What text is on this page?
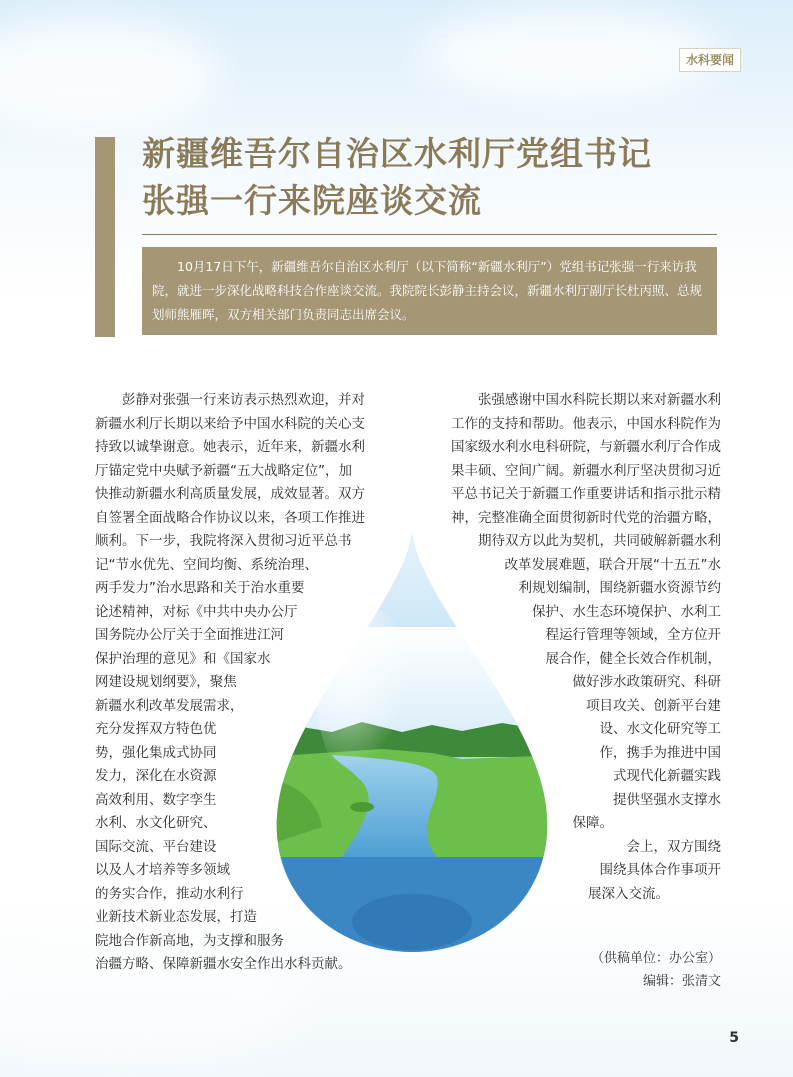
水科要闻
新疆维吾尔自治区水利厅党组书记
张强一行来院座谈交流

10月17日下午，新疆维吾尔自治区水利厅（以下简称“新疆水利厅”）党组书记张强一行来访我院，就进一步深化战略科技合作座谈交流。我院院长彭静主持会议，新疆水利厅副厅长杜丙照、总规划师熊雁晖，双方相关部门负责同志出席会议。

彭静对张强一行来访表示热烈欢迎，并对
新疆水利厅长期以来给予中国水科院的关心支
持致以诚挚谢意。她表示，近年来，新疆水利
厅锚定党中央赋予新疆“五大战略定位”，加
快推动新疆水利高质量发展，成效显著。双方
自签署全面战略合作协议以来，各项工作推进
顺利。下一步，我院将深入贯彻习近平总书
记“节水优先、空间均衡、系统治理、
两手发力”治水思路和关于治水重要
论述精神，对标《中共中央办公厅
国务院办公厅关于全面推进江河
保护治理的意见》和《国家水
网建设规划纲要》，聚焦
新疆水利改革发展需求，
充分发挥双方特色优
势，强化集成式协同
发力，深化在水资源
高效利用、数字孪生
水利、水文化研究、
国际交流、平台建设
以及人才培养等多领域
的务实合作，推动水利行
业新技术新业态发展，打造
院地合作新高地，为支撑和服务
治疆方略、保障新疆水安全作出水科贡献。
张强感谢中国水科院长期以来对新疆水利
工作的支持和帮助。他表示，中国水科院作为
国家级水利水电科研院，与新疆水利厅合作成
果丰硕、空间广阔。新疆水利厅坚决贯彻习近
平总书记关于新疆工作重要讲话和指示批示精
神，完整准确全面贯彻新时代党的治疆方略，
期待双方以此为契机，共同破解新疆水利
改革发展难题，联合开展“十五五”水
利规划编制，围绕新疆水资源节约
保护、水生态环境保护、水利工
程运行管理等领域，全方位开
展合作，健全长效合作机制，
做好涉水政策研究、科研
项目攻关、创新平台建
设、水文化研究等工
作，携手为推进中国
式现代化新疆实践
提供坚强水支撑水
保障。
会上，双方围绕
围绕具体合作事项开
展深入交流。
（供稿单位：办公室）
编辑：张清文
5
